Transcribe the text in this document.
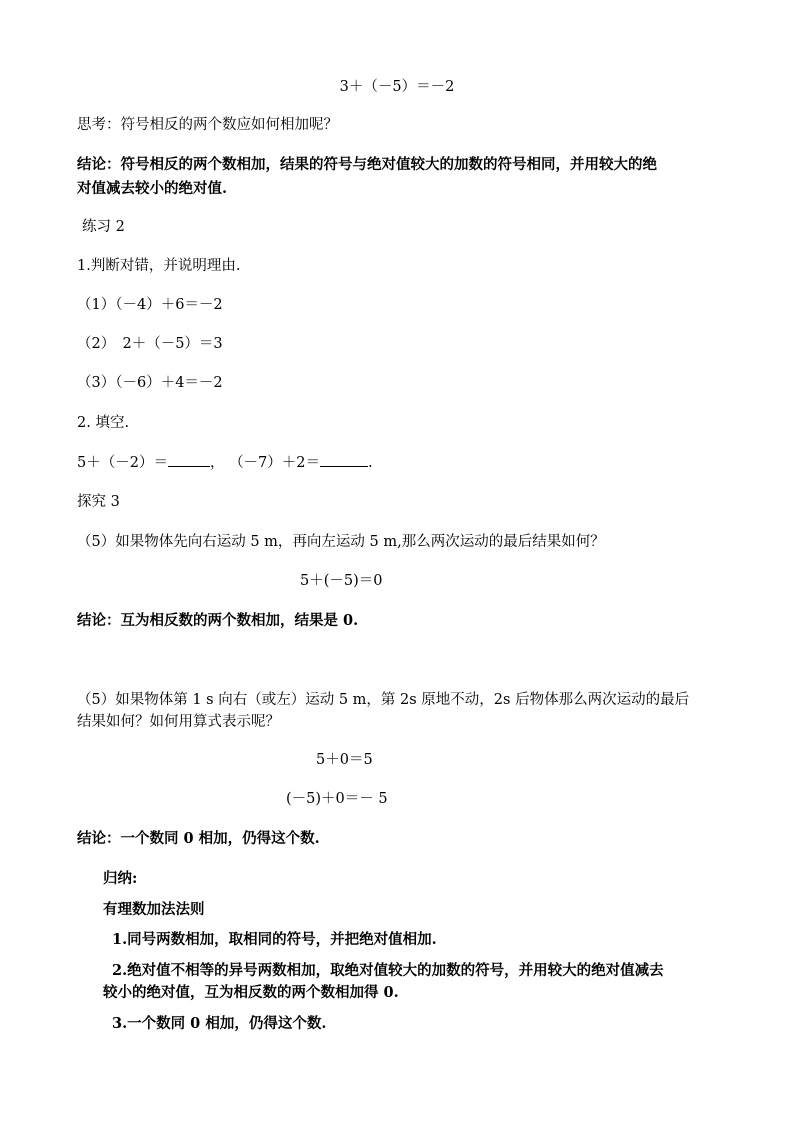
3＋（－5）＝－2
思考：符号相反的两个数应如何相加呢？
结论：符号相反的两个数相加，结果的符号与绝对值较大的加数的符号相同，并用较大的绝
对值减去较小的绝对值.
练习 2
1.判断对错，并说明理由.
（1）（－4）＋6＝－2
（2）　2＋（－5）＝3
（3）（－6）＋4＝－2
2. 填空.
5＋（－2）＝	， （－7）＋2＝	.
探究 3
（5）如果物体先向右运动 5 m，再向左运动 5 m,那么两次运动的最后结果如何？
5＋(－5)＝0
结论：互为相反数的两个数相加，结果是 0.
（5）如果物体第 1 s 向右（或左）运动 5 m，第 2s 原地不动，2s 后物体那么两次运动的最后
结果如何？如何用算式表示呢？
5＋0＝5
(－5)＋0＝－ 5
结论：一个数同 0 相加，仍得这个数.
归纳:
有理数加法法则
1.同号两数相加，取相同的符号，并把绝对值相加.
2.绝对值不相等的异号两数相加，取绝对值较大的加数的符号，并用较大的绝对值减去
较小的绝对值，互为相反数的两个数相加得 0.
3.一个数同 0 相加，仍得这个数.
